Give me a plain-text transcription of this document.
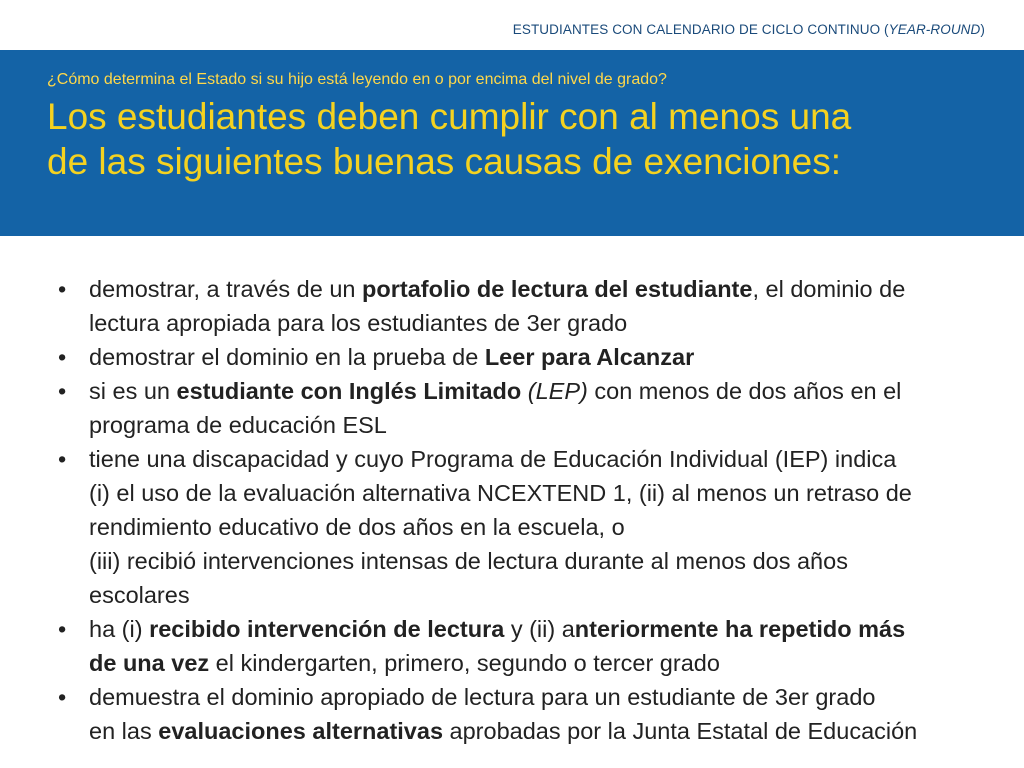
ESTUDIANTES CON CALENDARIO DE CICLO CONTINUO (YEAR-ROUND)
¿Cómo determina el Estado si su hijo está leyendo en o por encima del nivel de grado?
Los estudiantes deben cumplir con al menos una
de las siguientes buenas causas de exenciones:
• demostrar, a través de un portafolio de lectura del estudiante, el dominio de
lectura apropiada para los estudiantes de 3er grado
• demostrar el dominio en la prueba de Leer para Alcanzar
• si es un estudiante con Inglés Limitado (LEP) con menos de dos años en el
programa de educación ESL
• tiene una discapacidad y cuyo Programa de Educación Individual (IEP) indica
(i) el uso de la evaluación alternativa NCEXTEND 1, (ii) al menos un retraso de
rendimiento educativo de dos años en la escuela, o
(iii) recibió intervenciones intensas de lectura durante al menos dos años
escolares
• ha (i) recibido intervención de lectura y (ii) anteriormente ha repetido más
de una vez el kindergarten, primero, segundo o tercer grado
• demuestra el dominio apropiado de lectura para un estudiante de 3er grado
en las evaluaciones alternativas aprobadas por la Junta Estatal de Educación
